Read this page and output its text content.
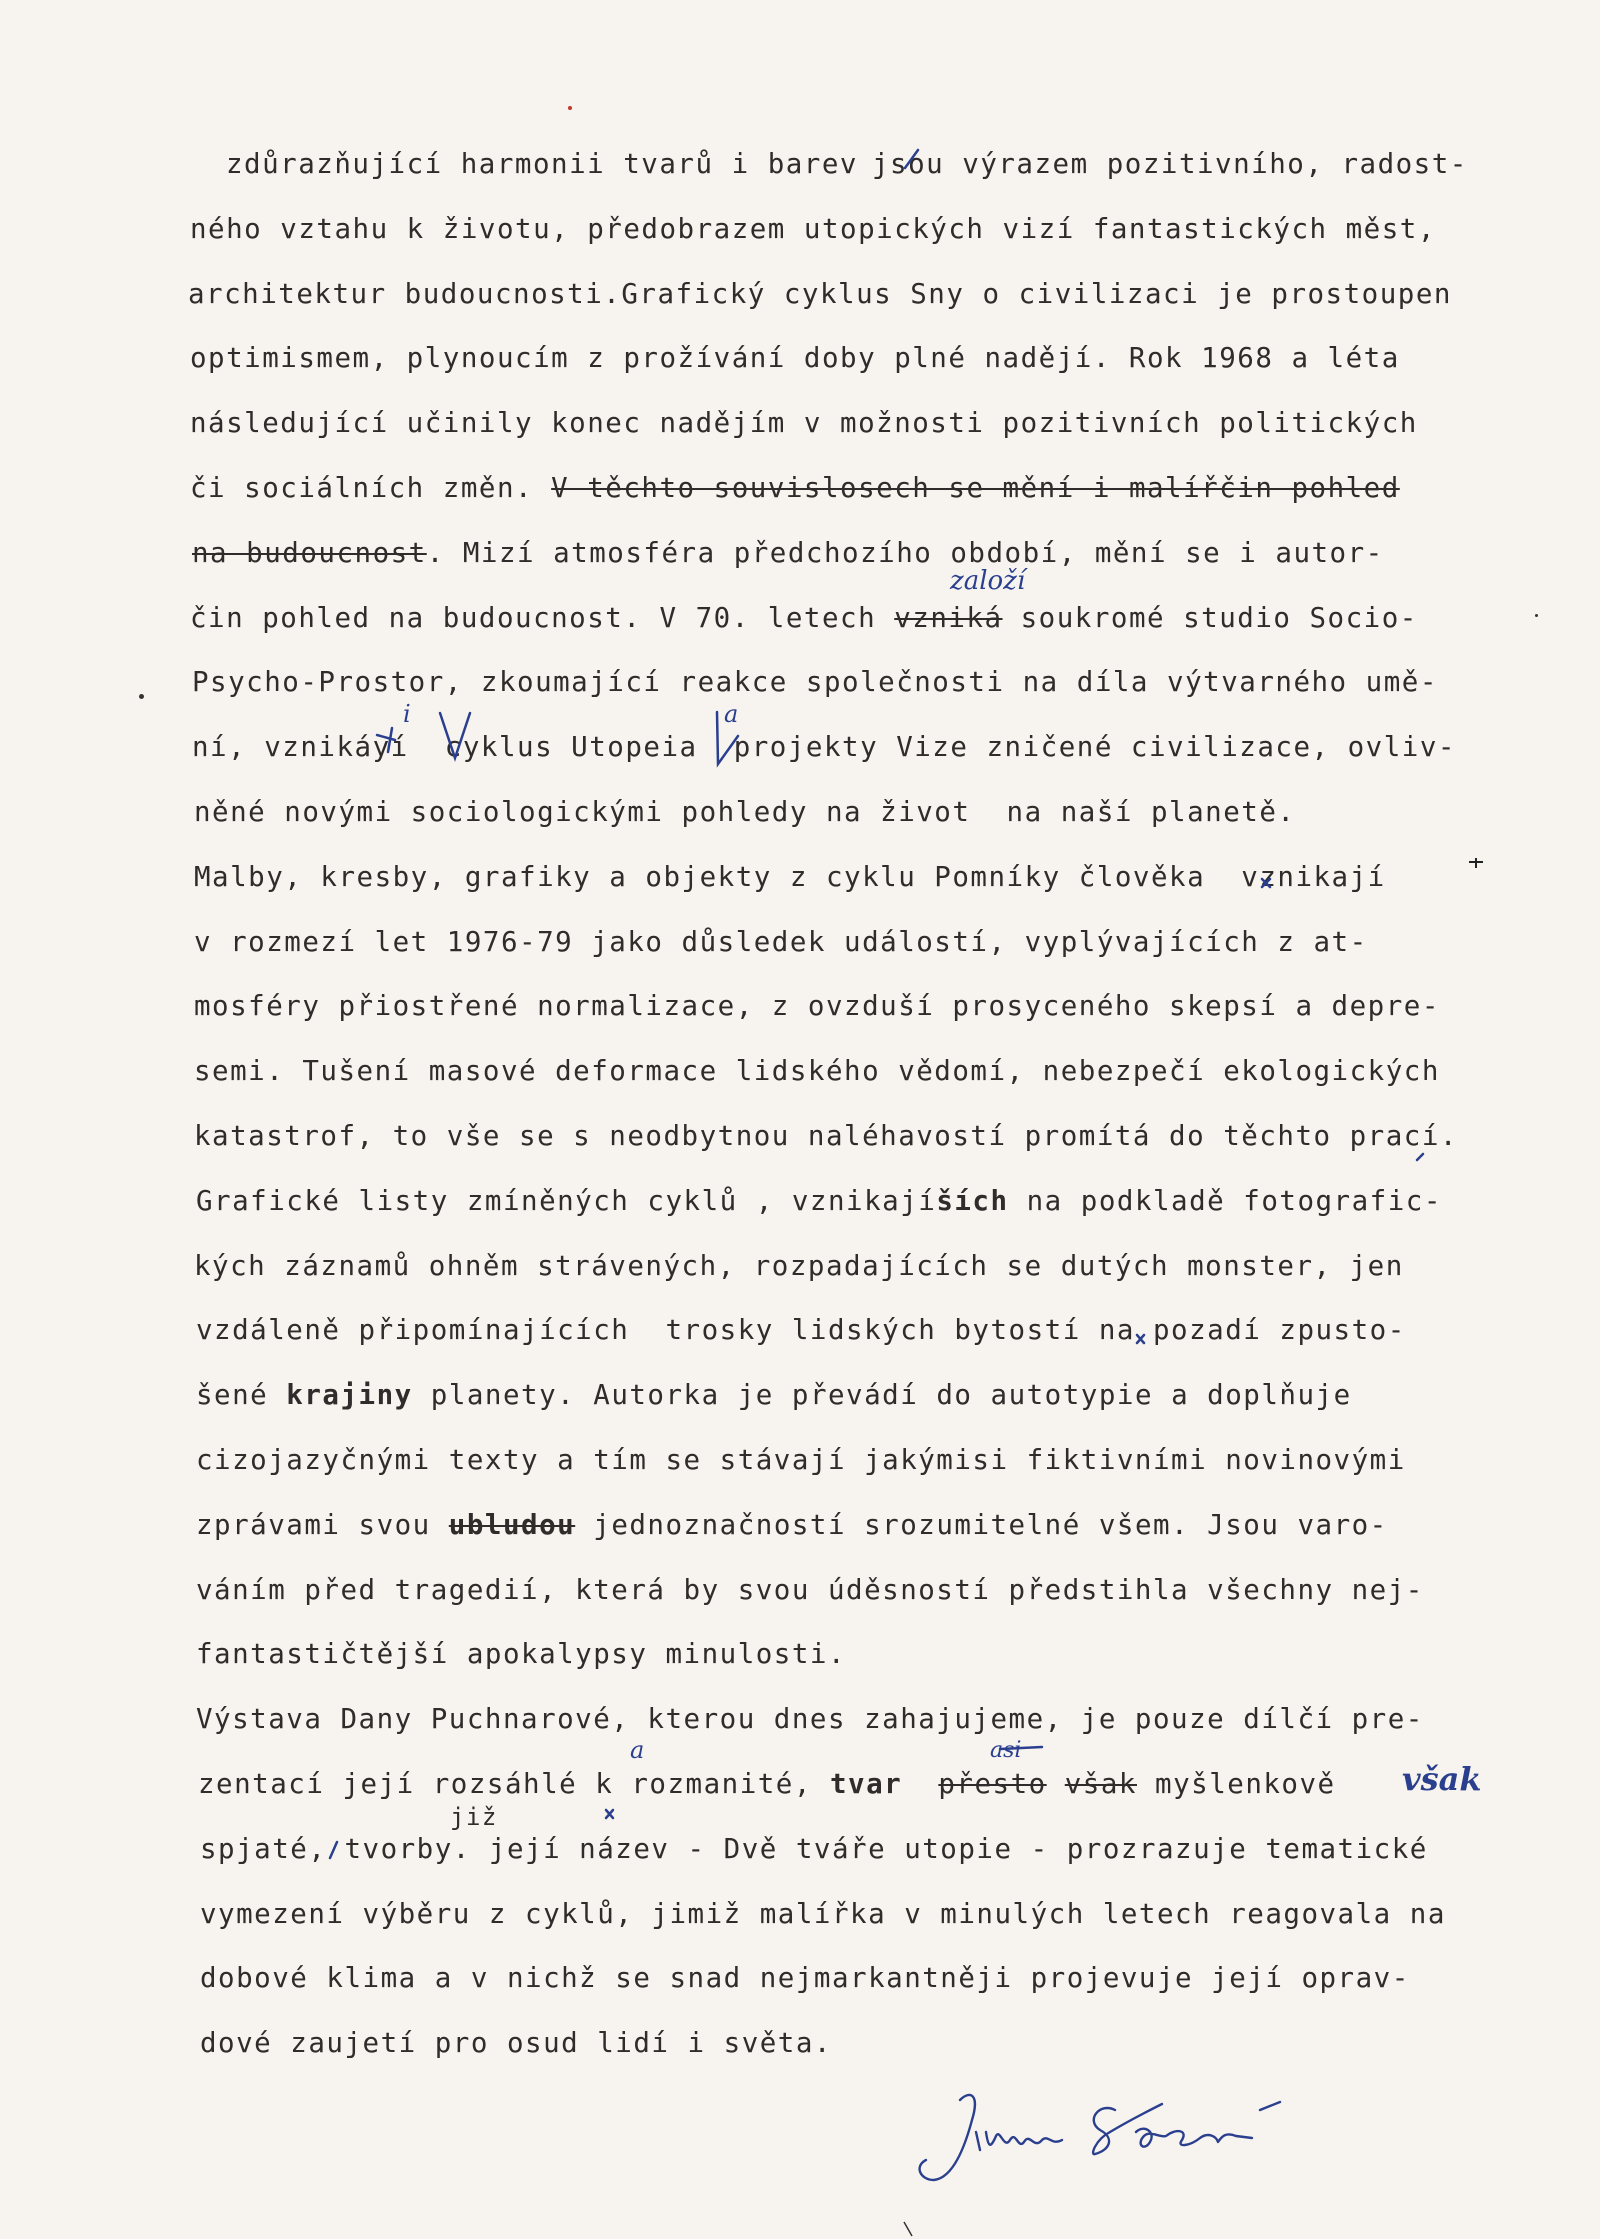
zdůrazňující harmonii tvarů i barev jsou výrazem pozitivního, radost-
ného vztahu k životu, předobrazem utopických vizí fantastických měst,
architektur budoucnosti.Grafický cyklus Sny o civilizaci je prostoupen
optimismem, plynoucím z prožívání doby plné nadějí. Rok 1968 a léta
následující učinily konec nadějím v možnosti pozitivních politických
či sociálních změn. V těchto souvislosech se mění i malířčin pohled
na budoucnost. Mizí atmosféra předchozího období, mění se i autor-
čin pohled na budoucnost. V 70. letech vzniká soukromé studio Socio-
Psycho-Prostor, zkoumající reakce společnosti na díla výtvarného umě-
ní, vznikáyí  cyklus Utopeia  projekty Vize zničené civilizace, ovliv-
něné novými sociologickými pohledy na život  na naší planetě.
Malby, kresby, grafiky a objekty z cyklu Pomníky člověka  vznikají
v rozmezí let 1976-79 jako důsledek událostí, vyplývajících z at-
mosféry přiostřené normalizace, z ovzduší prosyceného skepsí a depre-
semi. Tušení masové deformace lidského vědomí, nebezpečí ekologických
katastrof, to vše se s neodbytnou naléhavostí promítá do těchto prací.
Grafické listy zmíněných cyklů , vznikajíších na podkladě fotografic-
kých záznamů ohněm strávených, rozpadajících se dutých monster, jen
vzdáleně připomínajících  trosky lidských bytostí na pozadí zpusto-
šené krajiny planety. Autorka je převádí do autotypie a doplňuje
cizojazyčnými texty a tím se stávají jakýmisi fiktivními novinovými
zprávami svou ubludou jednoznačností srozumitelné všem. Jsou varo-
váním před tragedií, která by svou úděsností předstihla všechny nej-
fantastičtější apokalypsy minulosti.
Výstava Dany Puchnarové, kterou dnes zahajujeme, je pouze dílčí pre-
zentací její rozsáhlé k rozmanité, tvar přesto však myšlenkově
spjaté, tvorby. její název - Dvě tváře utopie - prozrazuje tematické
vymezení výběru z cyklů, jimiž malířka v minulých letech reagovala na
dobové klima a v nichž se snad nejmarkantněji projevuje její oprav-
dové zaujetí pro osud lidí i světa.
založí
i	a
a	asi
však
již
